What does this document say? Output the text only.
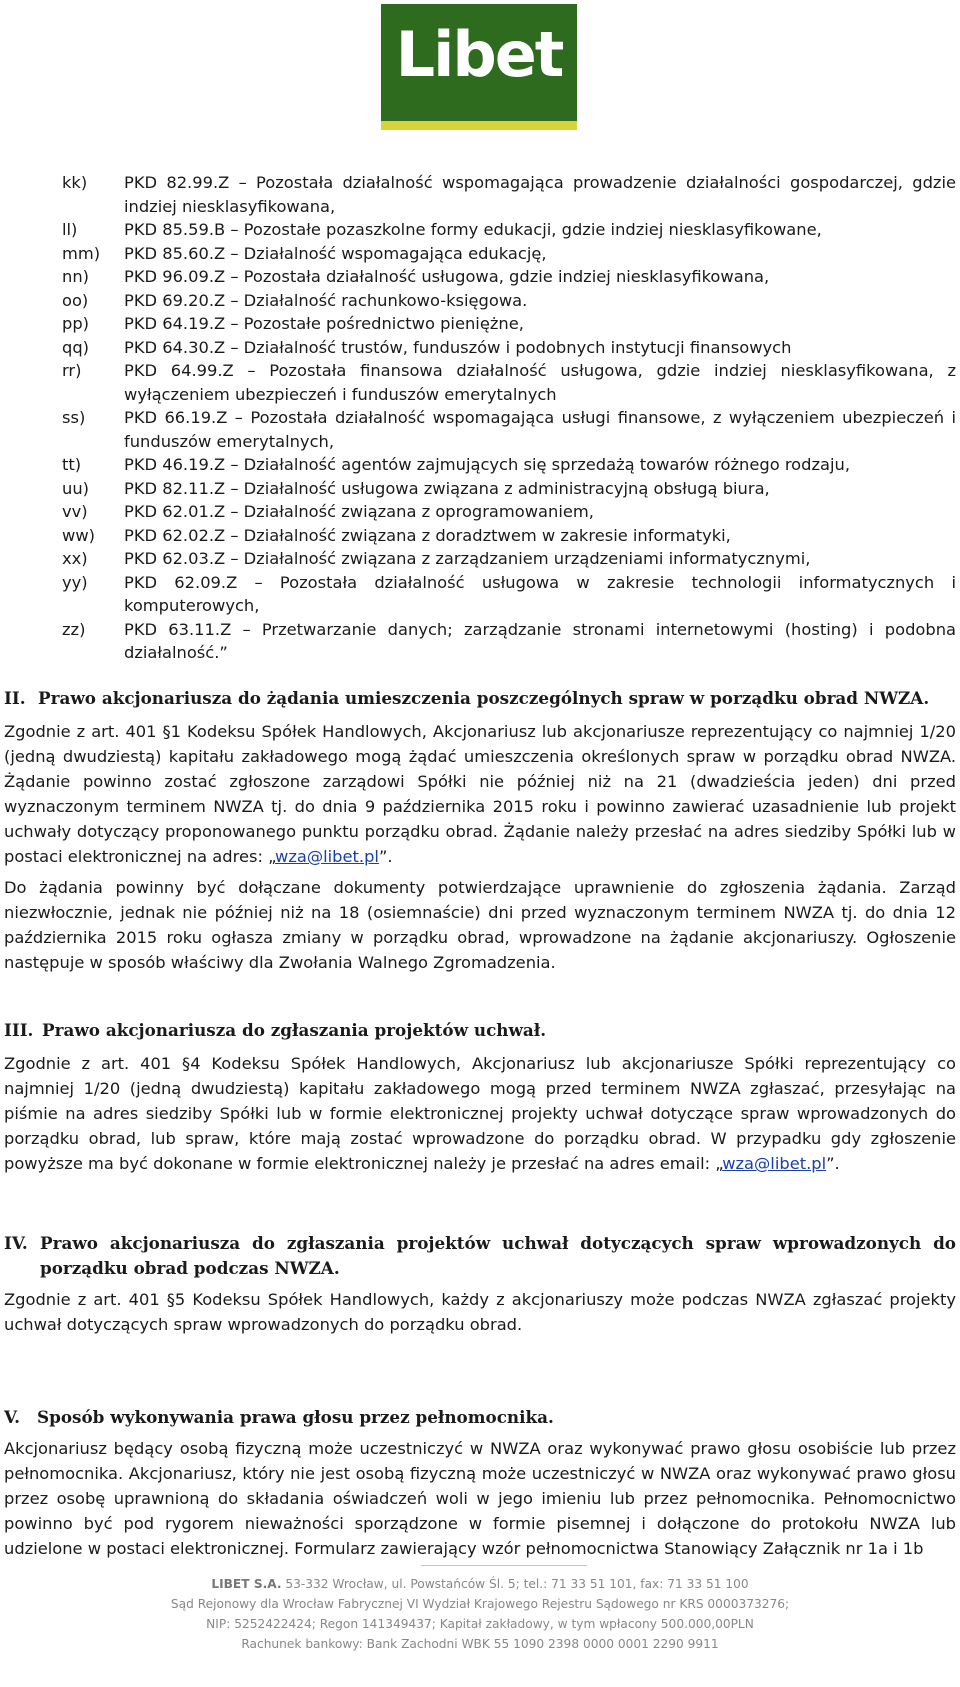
Libet
kk)	PKD 82.99.Z – Pozostała działalność wspomagająca prowadzenie działalności gospodarczej, gdzie indziej niesklasyfikowana,
ll)	PKD 85.59.B – Pozostałe pozaszkolne formy edukacji, gdzie indziej niesklasyfikowane,
mm)	PKD 85.60.Z – Działalność wspomagająca edukację,
nn)	PKD 96.09.Z – Pozostała działalność usługowa, gdzie indziej niesklasyfikowana,
oo)	PKD 69.20.Z – Działalność rachunkowo-księgowa.
pp)	PKD 64.19.Z – Pozostałe pośrednictwo pieniężne,
qq)	PKD 64.30.Z – Działalność trustów, funduszów i podobnych instytucji finansowych
rr)	PKD 64.99.Z – Pozostała finansowa działalność usługowa, gdzie indziej niesklasyfikowana, z wyłączeniem ubezpieczeń i funduszów emerytalnych
ss)	PKD 66.19.Z – Pozostała działalność wspomagająca usługi finansowe, z wyłączeniem ubezpieczeń i funduszów emerytalnych,
tt)	PKD 46.19.Z – Działalność agentów zajmujących się sprzedażą towarów różnego rodzaju,
uu)	PKD 82.11.Z – Działalność usługowa związana z administracyjną obsługą biura,
vv)	PKD 62.01.Z – Działalność związana z oprogramowaniem,
ww)	PKD 62.02.Z – Działalność związana z doradztwem w zakresie informatyki,
xx)	PKD 62.03.Z – Działalność związana z zarządzaniem urządzeniami informatycznymi,
yy)	PKD 62.09.Z – Pozostała działalność usługowa w zakresie technologii informatycznych i komputerowych,
zz)	PKD 63.11.Z – Przetwarzanie danych; zarządzanie stronami internetowymi (hosting) i podobna działalność.”
II. Prawo akcjonariusza do żądania umieszczenia poszczególnych spraw w porządku obrad NWZA.

Zgodnie z art. 401 §1 Kodeksu Spółek Handlowych, Akcjonariusz lub akcjonariusze reprezentujący co najmniej 1/20 (jedną dwudziestą) kapitału zakładowego mogą żądać umieszczenia określonych spraw w porządku obrad NWZA. Żądanie powinno zostać zgłoszone zarządowi Spółki nie później niż na 21 (dwadzieścia jeden) dni przed wyznaczonym terminem NWZA tj. do dnia 9 października 2015 roku i powinno zawierać uzasadnienie lub projekt uchwały dotyczący proponowanego punktu porządku obrad. Żądanie należy przesłać na adres siedziby Spółki lub w postaci elektronicznej na adres: „wza@libet.pl”.

Do żądania powinny być dołączane dokumenty potwierdzające uprawnienie do zgłoszenia żądania. Zarząd niezwłocznie, jednak nie później niż na 18 (osiemnaście) dni przed wyznaczonym terminem NWZA tj. do dnia 12 października 2015 roku ogłasza zmiany w porządku obrad, wprowadzone na żądanie akcjonariuszy. Ogłoszenie następuje w sposób właściwy dla Zwołania Walnego Zgromadzenia.

III. Prawo akcjonariusza do zgłaszania projektów uchwał.

Zgodnie z art. 401 §4 Kodeksu Spółek Handlowych, Akcjonariusz lub akcjonariusze Spółki reprezentujący co najmniej 1/20 (jedną dwudziestą) kapitału zakładowego mogą przed terminem NWZA zgłaszać, przesyłając na piśmie na adres siedziby Spółki lub w formie elektronicznej projekty uchwał dotyczące spraw wprowadzonych do porządku obrad, lub spraw, które mają zostać wprowadzone do porządku obrad. W przypadku gdy zgłoszenie powyższe ma być dokonane w formie elektronicznej należy je przesłać na adres email: „wza@libet.pl”.

IV. Prawo akcjonariusza do zgłaszania projektów uchwał dotyczących spraw wprowadzonych do porządku obrad podczas NWZA.

Zgodnie z art. 401 §5 Kodeksu Spółek Handlowych, każdy z akcjonariuszy może podczas NWZA zgłaszać projekty uchwał dotyczących spraw wprowadzonych do porządku obrad.

V.	Sposób wykonywania prawa głosu przez pełnomocnika.

Akcjonariusz będący osobą fizyczną może uczestniczyć w NWZA oraz wykonywać prawo głosu osobiście lub przez pełnomocnika. Akcjonariusz, który nie jest osobą fizyczną może uczestniczyć w NWZA oraz wykonywać prawo głosu przez osobę uprawnioną do składania oświadczeń woli w jego imieniu lub przez pełnomocnika. Pełnomocnictwo powinno być pod rygorem nieważności sporządzone w formie pisemnej i dołączone do protokołu NWZA lub udzielone w postaci elektronicznej. Formularz zawierający wzór pełnomocnictwa Stanowiący Załącznik nr 1a i 1b

LIBET S.A. 53-332 Wrocław, ul. Powstańców Śl. 5; tel.: 71 33 51 101, fax: 71 33 51 100
Sąd Rejonowy dla Wrocław Fabrycznej VI Wydział Krajowego Rejestru Sądowego nr KRS 0000373276;
NIP: 5252422424; Regon 141349437; Kapitał zakładowy, w tym wpłacony 500.000,00PLN
Rachunek bankowy: Bank Zachodni WBK 55 1090 2398 0000 0001 2290 9911
